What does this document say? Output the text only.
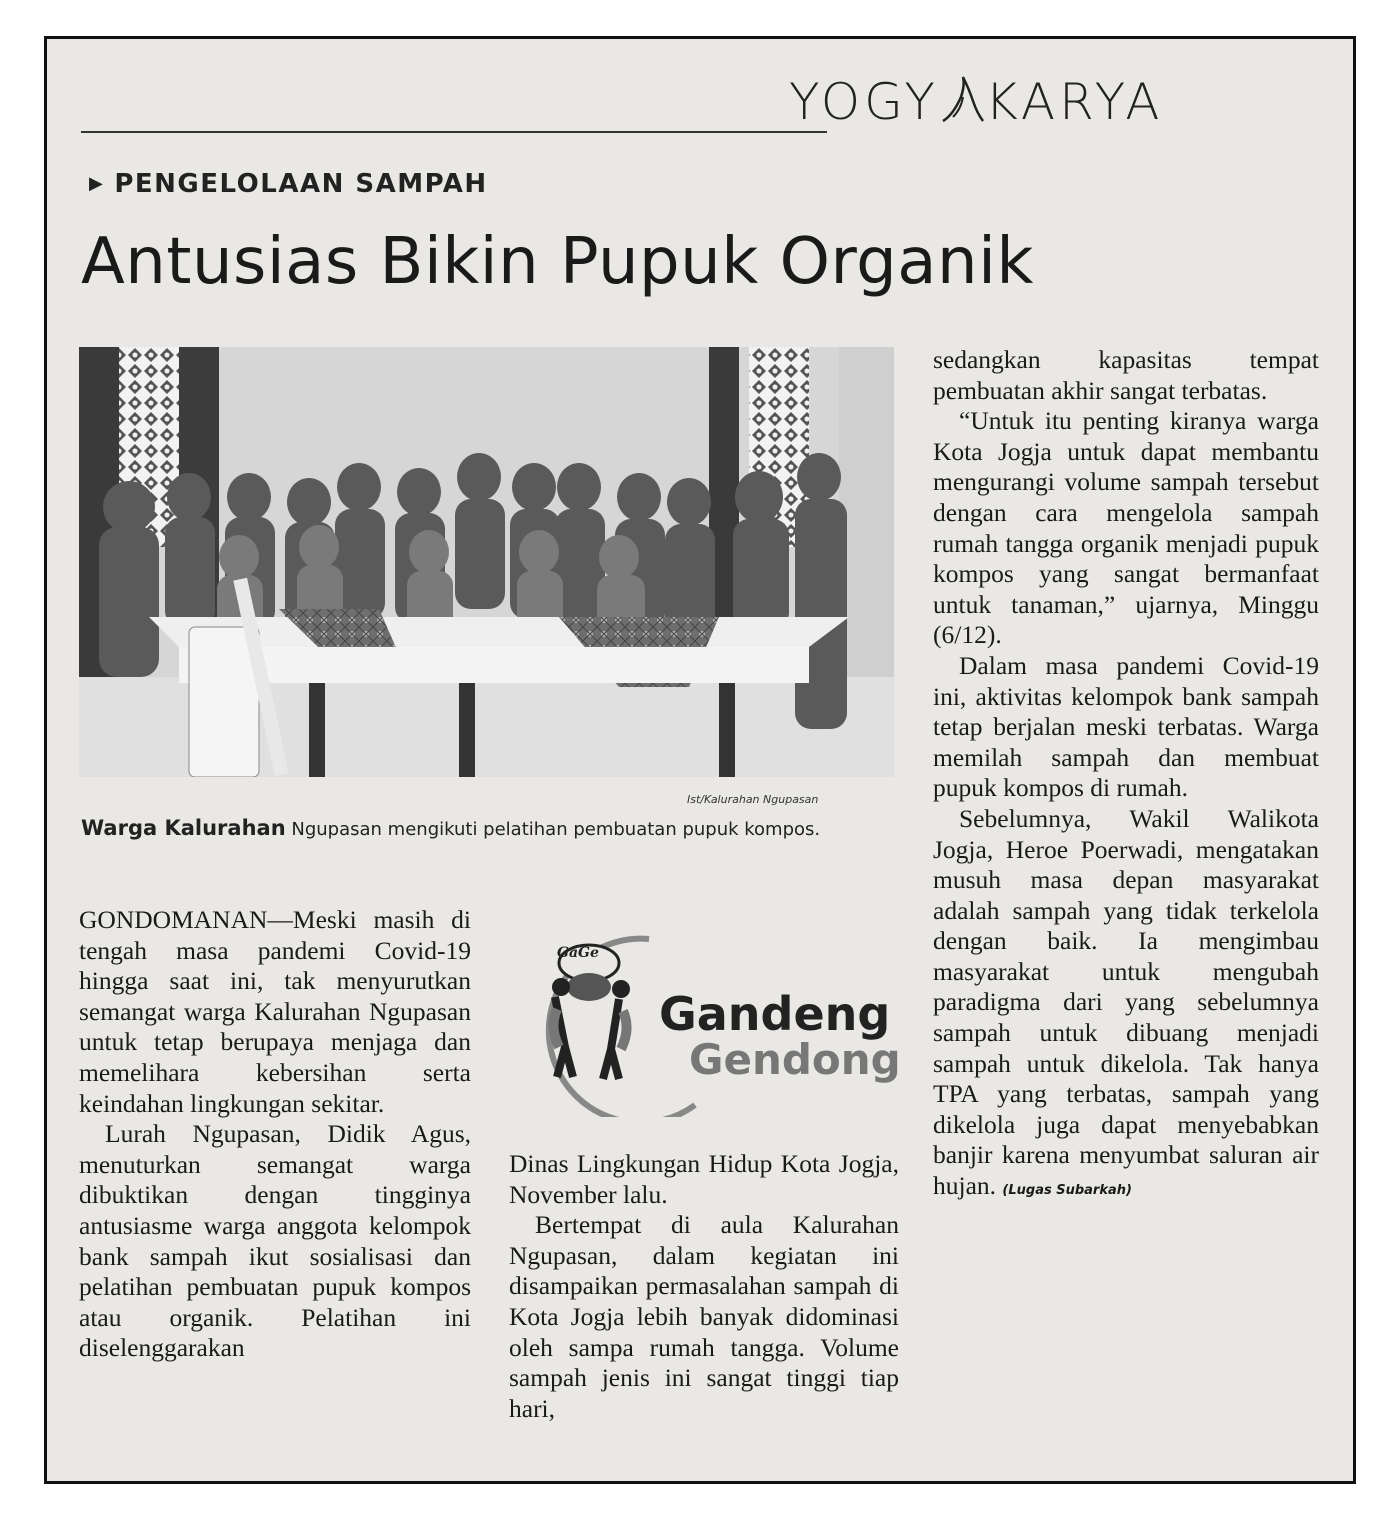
YOGY KARYA
▶ PENGELOLAAN SAMPAH
Antusias Bikin Pupuk Organik
Ist/Kalurahan Ngupasan
Warga Kalurahan Ngupasan mengikuti pelatihan pembuatan pupuk kompos.

GONDOMANAN—Meski masih di tengah masa pandemi Covid-19 hingga saat ini, tak menyurutkan semangat warga Kalurahan Ngupasan untuk tetap berupaya menjaga dan memelihara kebersihan serta keindahan lingkungan sekitar.

Lurah Ngupasan, Didik Agus, menuturkan semangat warga dibuktikan dengan tingginya antusiasme warga anggota kelompok bank sampah ikut sosialisasi dan pelatihan pembuatan pupuk kompos atau organik. Pelatihan ini diselenggarakan

GaGe
Gandeng
Gendong

Dinas Lingkungan Hidup Kota Jogja, November lalu.

Bertempat di aula Kalurahan Ngupasan, dalam kegiatan ini disampaikan permasalahan sampah di Kota Jogja lebih banyak didominasi oleh sampa rumah tangga. Volume sampah jenis ini sangat tinggi tiap hari,

sedangkan kapasitas tempat pembuatan akhir sangat terbatas.

“Untuk itu penting kiranya warga Kota Jogja untuk dapat membantu mengurangi volume sampah tersebut dengan cara mengelola sampah rumah tangga organik menjadi pupuk kompos yang sangat bermanfaat untuk tanaman,” ujarnya, Minggu (6/12).

Dalam masa pandemi Covid-19 ini, aktivitas kelompok bank sampah tetap berjalan meski terbatas. Warga memilah sampah dan membuat pupuk kompos di rumah.

Sebelumnya, Wakil Walikota Jogja, Heroe Poerwadi, mengatakan musuh masa depan masyarakat adalah sampah yang tidak terkelola dengan baik. Ia mengimbau masyarakat untuk mengubah paradigma dari yang sebelumnya sampah untuk dibuang menjadi sampah untuk dikelola. Tak hanya TPA yang terbatas, sampah yang dikelola juga dapat menyebabkan banjir karena menyumbat saluran air hujan. (Lugas Subarkah)
